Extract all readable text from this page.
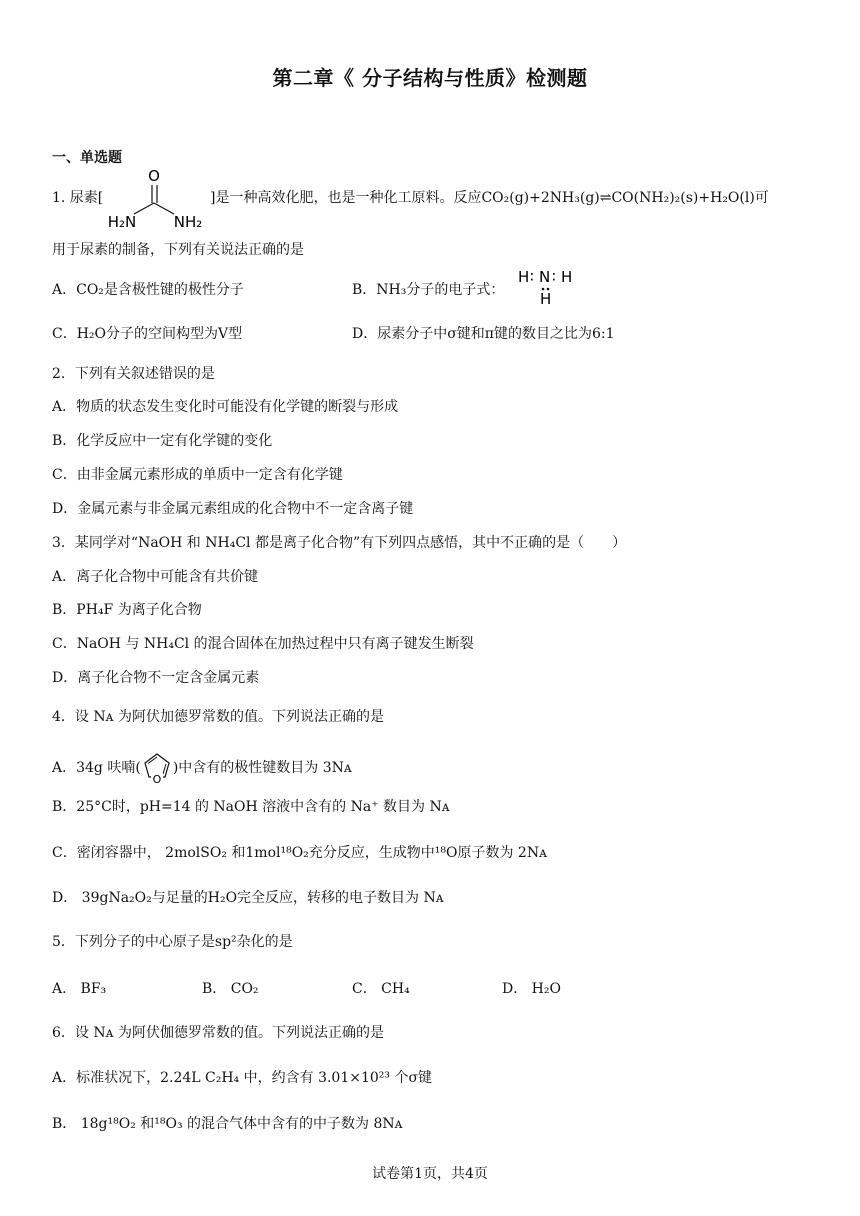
第二章《 分子结构与性质》检测题
一、单选题
1. 尿素[
O
H₂N NH₂
]是一种高效化肥，也是一种化工原料。反应CO₂(g)+2NH₃(g)⇌CO(NH₂)₂(s)+H₂O(l)可
用于尿素的制备，下列有关说法正确的是
A．CO₂是含极性键的极性分子	B．NH₃分子的电子式：
H ∶ N ∶ H
H
C．H₂O分子的空间构型为V型	D．尿素分子中σ键和π键的数目之比为6:1
2．下列有关叙述错误的是
A．物质的状态发生变化时可能没有化学键的断裂与形成
B．化学反应中一定有化学键的变化
C．由非金属元素形成的单质中一定含有化学键
D．金属元素与非金属元素组成的化合物中不一定含离子键
3．某同学对“NaOH 和 NH₄Cl 都是离子化合物”有下列四点感悟，其中不正确的是（　　）
A．离子化合物中可能含有共价键
B．PH₄F 为离子化合物
C．NaOH 与 NH₄Cl 的混合固体在加热过程中只有离子键发生断裂
D．离子化合物不一定含金属元素
4．设 Nᴀ 为阿伏加德罗常数的值。下列说法正确的是
A．34g 呋喃(
O
)中含有的极性键数目为 3Nᴀ
B．25°C时，pH=14 的 NaOH 溶液中含有的 Na⁺ 数目为 Nᴀ
C．密闭容器中， 2molSO₂ 和1mol¹⁸O₂充分反应，生成物中¹⁸O原子数为 2Nᴀ
D． 39gNa₂O₂与足量的H₂O完全反应，转移的电子数目为 Nᴀ
5．下列分子的中心原子是sp²杂化的是
A． BF₃	B． CO₂	C． CH₄	D． H₂O
6．设 Nᴀ 为阿伏伽德罗常数的值。下列说法正确的是
A．标准状况下，2.24L C₂H₄ 中，约含有 3.01×10²³ 个σ键
B． 18g¹⁸O₂ 和¹⁸O₃ 的混合气体中含有的中子数为 8Nᴀ
试卷第1页，共4页
